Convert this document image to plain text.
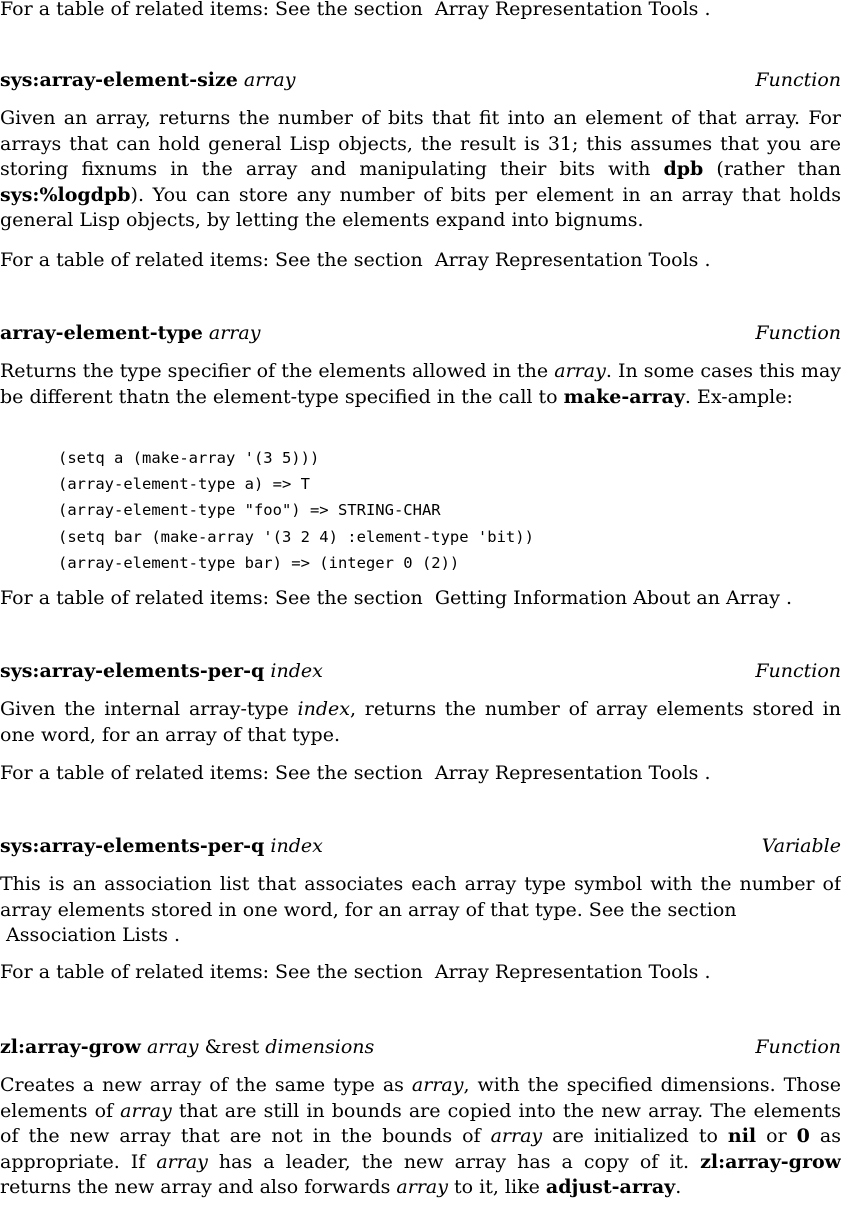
For a table of related items: See the section Array Representation Tools .
sys:array-element-size array	Function
Given an array, returns the number of bits that fit into an element of that array. For arrays that can hold general Lisp objects, the result is 31; this assumes that you are storing fixnums in the array and manipulating their bits with dpb (rather than sys:%logdpb). You can store any number of bits per element in an array that holds general Lisp objects, by letting the elements expand into bignums.
For a table of related items: See the section Array Representation Tools .
array-element-type array	Function
Returns the type specifier of the elements allowed in the array. In some cases this may be different thatn the element-type specified in the call to make-array. Ex-ample:
(setq a (make-array '(3 5)))
(array-element-type a) => T
(array-element-type "foo") => STRING-CHAR
(setq bar (make-array '(3 2 4) :element-type 'bit))
(array-element-type bar) => (integer 0 (2))
For a table of related items: See the section Getting Information About an Array .
sys:array-elements-per-q index	Function
Given the internal array-type index, returns the number of array elements stored in one word, for an array of that type.
For a table of related items: See the section Array Representation Tools .
sys:array-elements-per-q index	Variable
This is an association list that associates each array type symbol with the number of array elements stored in one word, for an array of that type. See the section
Association Lists .
For a table of related items: See the section Array Representation Tools .
zl:array-grow array &rest dimensions	Function
Creates a new array of the same type as array, with the specified dimensions. Those elements of array that are still in bounds are copied into the new array. The elements of the new array that are not in the bounds of array are initialized to nil or 0 as appropriate. If array has a leader, the new array has a copy of it. zl:array-grow returns the new array and also forwards array to it, like adjust-array.
